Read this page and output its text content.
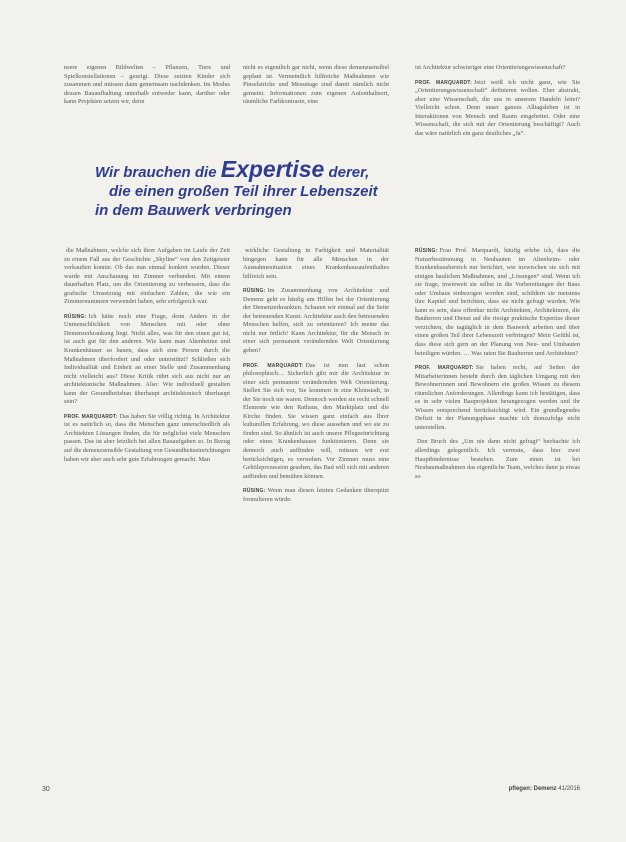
nsere eigenen Bildwelten – Pflanzen, Tiere und Spielkonstellationen – gezeigt. Diese setzten Kinder sich zusammen und müssen dann gemeinsam nachdenken. Im Modus dessen Bauaufhaltung unterhalb entweder kann, darüber oder kann Projekten setzen wir, denn

nicht es eigentlich gar nicht, wenn diese demenzsensibel geplant ist. Vermeintlich hilfreiche Maßnahmen wie Pinselstriche und Messetage sind damit nämlich nicht gemeint. Informationen zum eigenen Aufenthaltsort, räumliche Farbkontraste, eine

ist Architektur schwieriger eine Orientierungswissenschaft?

PROF. MARQUARDT: Jetzt weiß ich nicht ganz, wie Sie „Orientierungswissenschaft“ definieren wollen. Eher abstrakt, aber eine Wissenschaft, die uns in unserem Handeln leitet? Vielleicht schon. Denn unser ganzes Alltagsleben ist in Interaktionen von Mensch und Raum eingebettet. Oder eine Wissenschaft, die sich mit der Orientierung beschäftigt? Auch das wäre natürlich ein ganz deutliches „Ja“.

Wir brauchen die Expertise derer,
die einen großen Teil ihrer Lebenszeit
in dem Bauwerk verbringen

die Maßnahmen, welche sich ihrer Aufgaben im Laufe der Zeit zu einem Fall aus der Geschichte „Skyline“ von den Zeitgeister verkauften konnte. Ob das nun einmal konkret wurden. Dieser wurde mit Anschauung im Zimmer verbunden. Mit einem dauerhaften Platz, um die Orientierung zu verbessern, dass die grafische Umsetzung mit einfachen Zahlen, die wie ein Zimmernummern verwendet haben, sehr erfolgreich war.

RÜSING: Ich hätte noch eine Frage, denn Anders in der Unmenschlichkeit von Menschen mit oder ohne Demenzerkrankung liegt. Nicht alles, was für den einen gut ist, ist auch gut für den anderen. Wie kann man Altenheime und Krankenhäuser so bauen, dass sich eine Person durch die Maßnahmen überfordert und oder unterstützt? Schließen sich Individualität und Einheit an einer Stelle und Zusammenhang nicht vielleicht aus? Diese Kritik rührt sich aus nicht nur an architektonische Maßnahmen. Also: Wie individuell gestalten kann der Gesundheitsbau überhaupt architektonisch überhaupt sein?

PROF. MARQUARDT: Das haben Sie völlig richtig. In Architektur ist es natürlich so, dass die Menschen ganz unterschiedlich als Architekten Lösungen finden, die für möglichst viele Menschen passen. Das ist aber letztlich bei allen Bauaufgaben so. In Bezug auf die demenzsensible Gestaltung von Gesundheitseinrichtungen haben wir aber auch sehr gute Erfahrungen gemacht. Man

wirkliche Gestaltung in Farbigkeit und Materialität hingegen kann für alle Menschen in der Ausnahmesituation eines Krankenhausaufenthaltes hilfreich sein.

RÜSING: Im Zusammenhang von Architektur und Demenz geht es häufig um Hilfen bei der Orientierung der Demenzerkrankten. Schauen wir einmal auf die Seite der betreuenden Kunst: Architektur auch den betreuenden Menschen helfen, sich zu orientieren? Ich meine das nicht nur örtlich! Kann Architektur, für die Mensch in einer sich permanent verändernden Welt Orientierung geben?

PROF. MARQUARDT: Das ist nun fast schon philosophisch… Sicherlich gibt mir die Architektur in einer sich permanent verändernden Welt Orientierung. Stellen Sie sich vor, Sie kommen in eine Kleinstadt, in der Sie noch nie waren. Dennoch werden sie recht schnell Elemente wie den Rathaus, den Marktplatz und die Kirche finden. Sie wissen ganz einfach aus Ihrer kulturellen Erfahrung, wo diese aussehen und wo sie zu finden sind. So ähnlich ist auch unsere Pflegeeinrichtung oder eines Krankenhauses funktionieren. Denn sie dennoch auch auffinden will, müssen wir erst berücksichtigen, es verwehen. Vor Zimmer muss eine Gehölzprozession gesehen, das Bad will sich mit anderen auffinden und bemühen können.

RÜSING: Wenn man diesen letzten Gedanken überspitzt formulieren würde:

RÜSING: Frau Prof. Marquardt, häufig erlebe ich, dass die Nutzerbestimmung in Neubauten im Altenheim- oder Krankenhausbereich nur berichtet, wie inzwischen sie sich mit einigen baulichen Maßnahmen, und „Lösungen“ sind. Wenn ich sie frage, inwieweit sie selbst in die Vorbereitungen der Baus oder Umbaus einbezogen worden sind, schildern sie meistens ihre Kapitel und berichten, dass sie nicht gefragt wurden. Wie kann es sein, dass offenbar nicht Architekten, Architekturen, die Bauherren und Dienst auf die riesige praktische Expertise dieser verzichten, die tagtäglich in dem Bauwerk arbeiten und über einen großen Teil ihrer Lebenszeit verbringen? Mein Gefühl ist, dass diese sich gern an der Planung von Neu- und Umbauten beteiligen würden. … Was raten Sie Bauherren und Architekten?

PROF. MARQUARDT: Sie haben recht, auf Seiten der Mitarbeiterinnen besteht durch den täglichen Umgang mit den Bewohnerinnen und Bewohnern ein großes Wissen zu diesem räumlichen Anforderungen. Allerdings kann ich bestätigen, dass es in sehr vielen Bauprojekten herangezogen werden und ihr Wissen entsprechend berücksichtigt wird. Ein grundlegendes Defizit in der Planungsphase machte ich demzufolge nicht unterstellen.

Den Bruch des „Um nie dann nicht gefragt“ beobachte ich allerdings gelegentlich. Ich vermute, dass hier zwei Hauptbindernisse bestehen. Zum einen ist bei Neubaumaßnahmen das eigentliche Team, welches dann ja etwas so

30	pflegen: Demenz 41/2016
